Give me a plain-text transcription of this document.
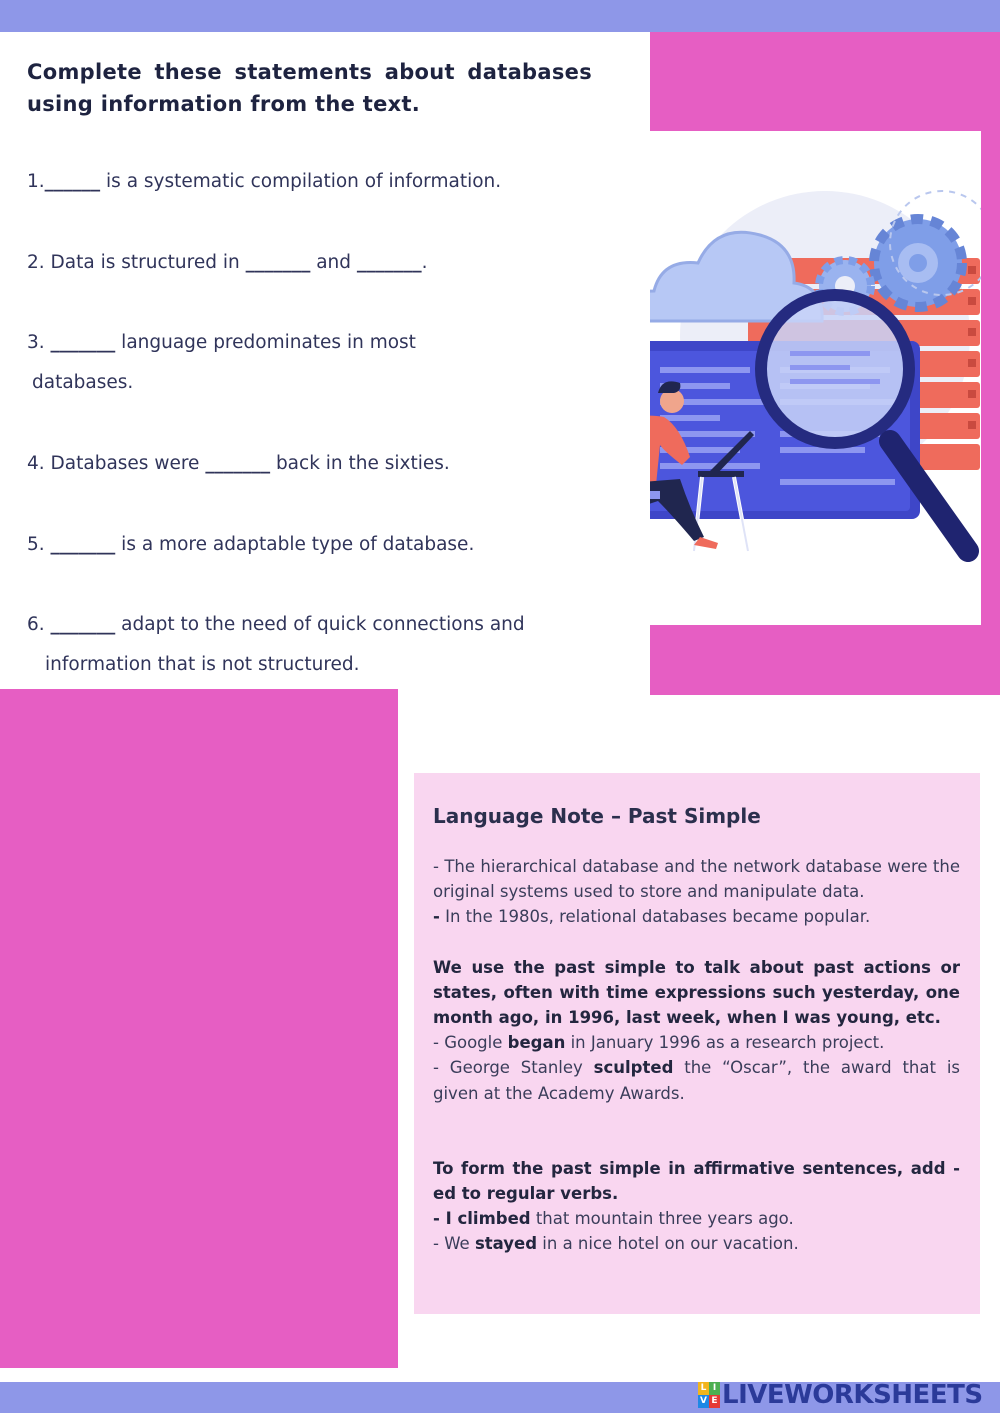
Complete these statements about databases using information from the text.

1.______ is a systematic compilation of information.

2. Data is structured in _______ and _______.

3. _______ language predominates in most

databases.

4. Databases were _______ back in the sixties.

5. _______ is a more adaptable type of database.

6. _______ adapt to the need of quick connections and

information that is not structured.

Language Note – Past Simple

- The hierarchical database and the network database were the original systems used to store and manipulate data.

- In the 1980s, relational databases became popular.

We use the past simple to talk about past actions or states, often with time expressions such yesterday, one month ago, in 1996, last week, when I was young, etc.

- Google began in January 1996 as a research project.

- George Stanley sculpted the “Oscar”, the award that is given at the Academy Awards.

To form the past simple in affirmative sentences, add -ed to regular verbs.

- I climbed that mountain three years ago.

- We stayed in a nice hotel on our vacation.

L I
V E LIVEWORKSHEETS
